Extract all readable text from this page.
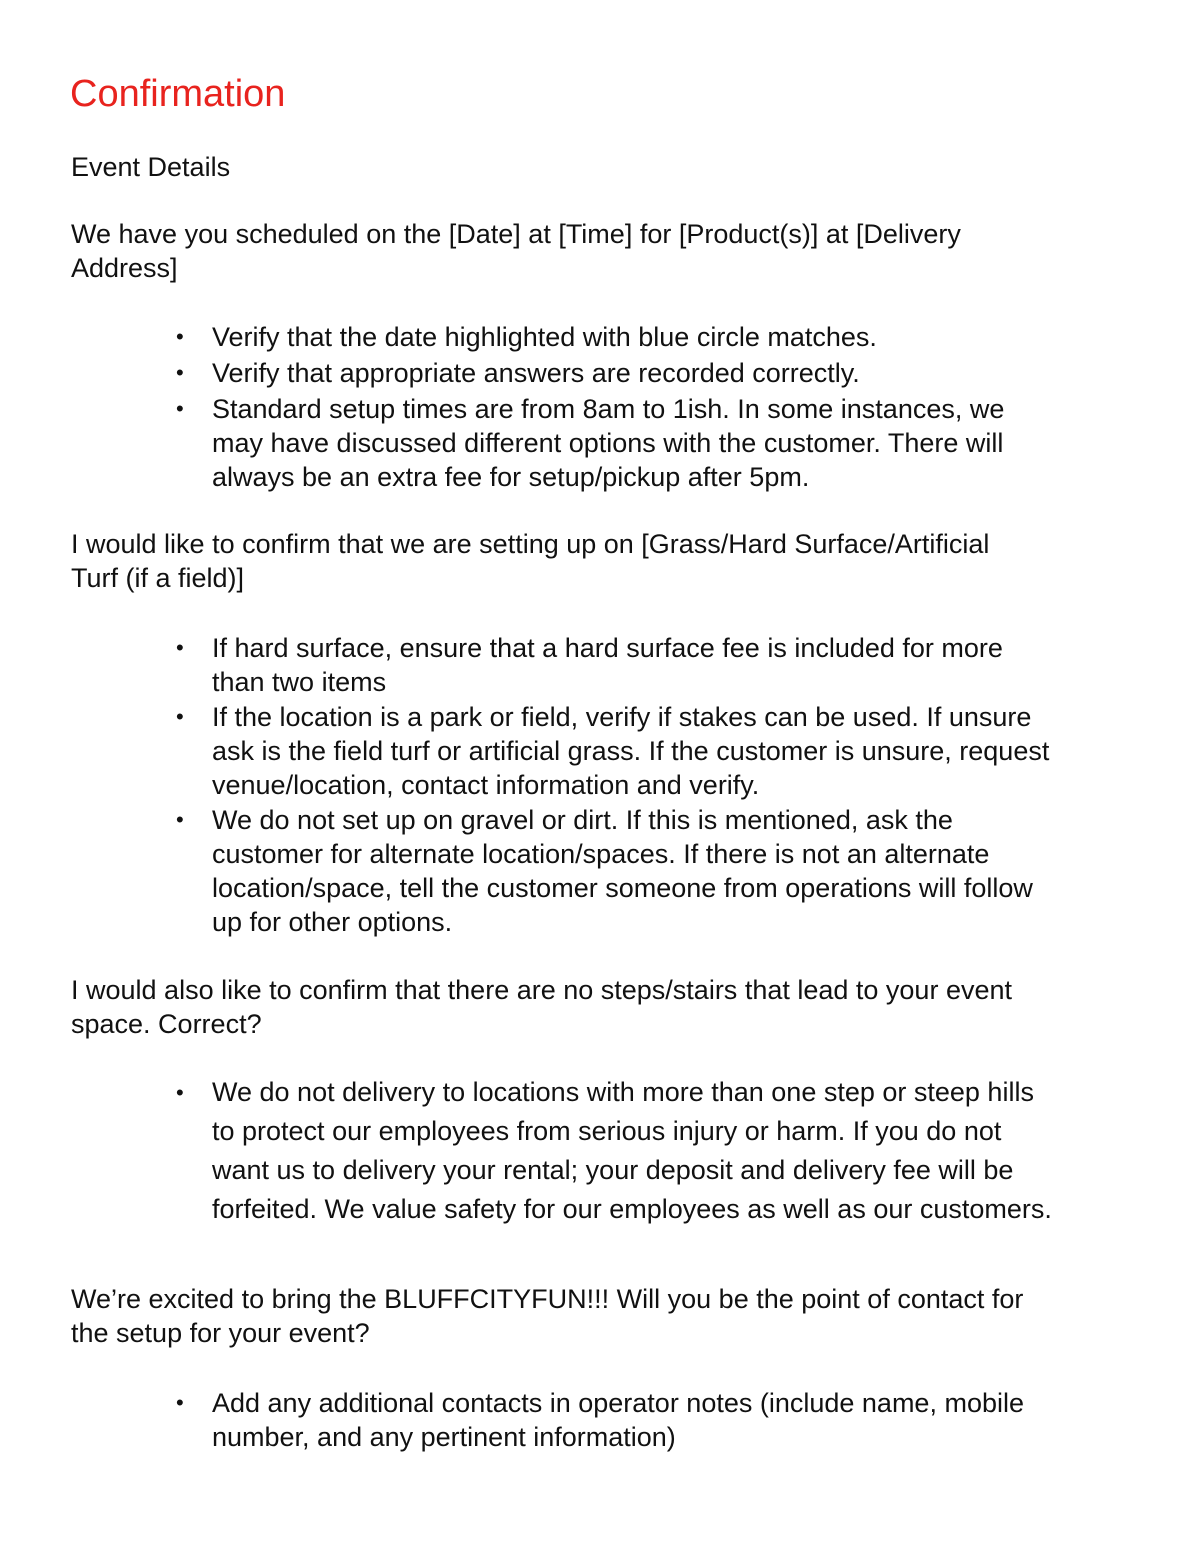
Confirmation
Event Details
We have you scheduled on the [Date] at [Time] for [Product(s)] at [Delivery
Address]
• Verify that the date highlighted with blue circle matches.
• Verify that appropriate answers are recorded correctly.
• Standard setup times are from 8am to 1ish. In some instances, we
may have discussed different options with the customer. There will
always be an extra fee for setup/pickup after 5pm.
I would like to confirm that we are setting up on [Grass/Hard Surface/Artificial
Turf (if a field)]
• If hard surface, ensure that a hard surface fee is included for more
than two items
• If the location is a park or field, verify if stakes can be used. If unsure
ask is the field turf or artificial grass. If the customer is unsure, request
venue/location, contact information and verify.
• We do not set up on gravel or dirt. If this is mentioned, ask the
customer for alternate location/spaces. If there is not an alternate
location/space, tell the customer someone from operations will follow
up for other options.
I would also like to confirm that there are no steps/stairs that lead to your event
space. Correct?
• We do not delivery to locations with more than one step or steep hills
to protect our employees from serious injury or harm. If you do not
want us to delivery your rental; your deposit and delivery fee will be
forfeited. We value safety for our employees as well as our customers.
We’re excited to bring the BLUFFCITYFUN!!! Will you be the point of contact for
the setup for your event?
• Add any additional contacts in operator notes (include name, mobile
number, and any pertinent information)
